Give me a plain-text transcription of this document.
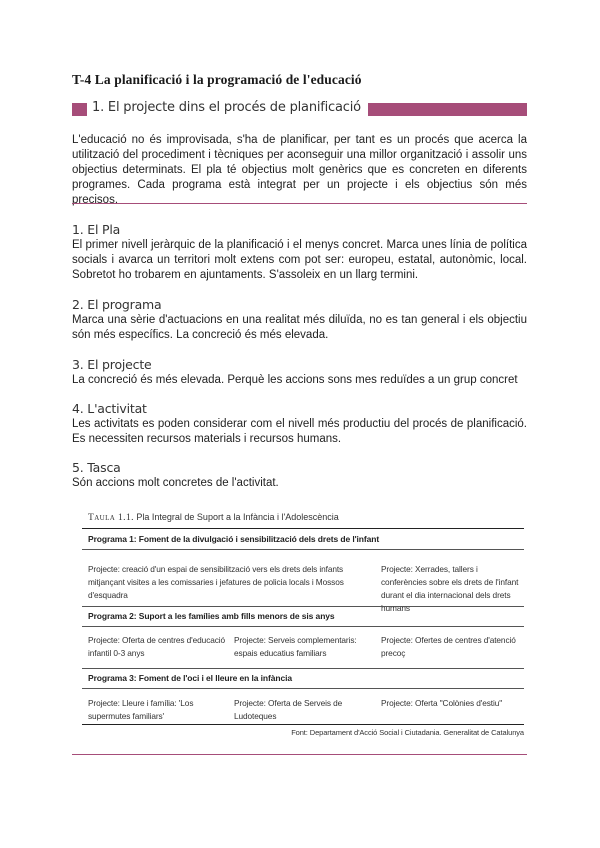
T-4 La planificació i la programació de l'educació
1. El projecte dins el procés de planificació
L'educació no és improvisada, s'ha de planificar, per tant es un procés que acerca la utilització del procediment i tècniques per aconseguir una millor organització i assolir uns objectius determinats. El pla té objectius molt genèrics que es concreten en diferents programes. Cada programa està integrat per un projecte i els objectius són més precisos.
1. El Pla
El primer nivell jeràrquic de la planificació i el menys concret. Marca unes línia de política socials i avarca un territori molt extens com pot ser: europeu, estatal, autonòmic, local. Sobretot ho trobarem en ajuntaments. S'assoleix en un llarg termini.
2. El programa
Marca una sèrie d'actuacions en una realitat més diluïda, no es tan general i els objectiu són més específics. La concreció és més elevada.
3. El projecte
La concreció és més elevada. Perquè les accions sons mes reduïdes a un grup concret
4. L'activitat
Les activitats es poden considerar com el nivell més productiu del procés de planificació. Es necessiten recursos materials i recursos humans.
5. Tasca
Són accions molt concretes de l'activitat.
Taula 1.1. Pla Integral de Suport a la Infància i l'Adolescència
Programa 1: Foment de la divulgació i sensibilització dels drets de l'infant
Projecte: creació d'un espai de sensibilització vers els drets dels infants mitjançant visites a les comissaries i jefatures de policia locals i Mossos d'esquadra
Projecte: Xerrades, tallers i conferències sobre els drets de l'infant durant el dia internacional dels drets humans
Programa 2: Suport a les famílies amb fills menors de sis anys
Projecte: Oferta de centres d'educació infantil 0-3 anys
Projecte: Serveis complementaris: espais educatius familiars
Projecte: Ofertes de centres d'atenció precoç
Programa 3: Foment de l'oci i el lleure en la infància
Projecte: Lleure i família: 'Los supermutes familiars'
Projecte: Oferta de Serveis de Ludoteques
Projecte: Oferta "Colònies d'estiu"
Font: Departament d'Acció Social i Ciutadania. Generalitat de Catalunya
